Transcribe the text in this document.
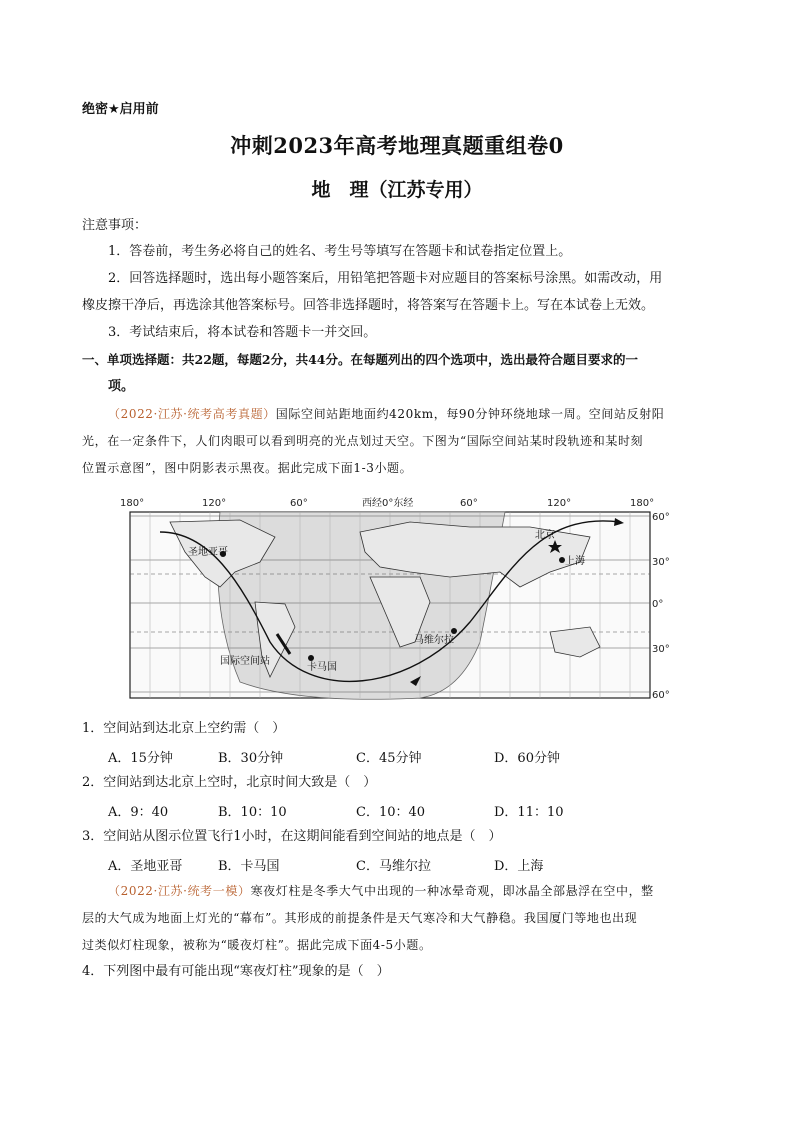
绝密★启用前
冲刺2023年高考地理真题重组卷0
地　理（江苏专用）
注意事项：
1．答卷前，考生务必将自己的姓名、考生号等填写在答题卡和试卷指定位置上。
2．回答选择题时，选出每小题答案后，用铅笔把答题卡对应题目的答案标号涂黑。如需改动，用
橡皮擦干净后，再选涂其他答案标号。回答非选择题时，将答案写在答题卡上。写在本试卷上无效。
3．考试结束后，将本试卷和答题卡一并交回。
一、单项选择题：共22题，每题2分，共44分。在每题列出的四个选项中，选出最符合题目要求的一
项。
（2022·江苏·统考高考真题）国际空间站距地面约420km，每90分钟环绕地球一周。空间站反射阳
光，在一定条件下，人们肉眼可以看到明亮的光点划过天空。下图为“国际空间站某时段轨迹和某时刻
位置示意图”，图中阴影表示黑夜。据此完成下面1-3小题。
180°	120°	60°	西经0°东经	60°	120°	180°
60°
30°
0°
30°
60°
北京
上海
圣地亚哥
卡马国
马维尔拉
国际空间站
1．空间站到达北京上空约需（　）
A．15分钟	B．30分钟	C．45分钟	D．60分钟
2．空间站到达北京上空时，北京时间大致是（　）
A．9：40	B．10：10	C．10：40	D．11：10
3．空间站从图示位置飞行1小时，在这期间能看到空间站的地点是（　）
A．圣地亚哥	B．卡马国	C．马维尔拉	D．上海
（2022·江苏·统考一模）寒夜灯柱是冬季大气中出现的一种冰晕奇观，即冰晶全部悬浮在空中，整
层的大气成为地面上灯光的“幕布”。其形成的前提条件是天气寒冷和大气静稳。我国厦门等地也出现
过类似灯柱现象，被称为“暖夜灯柱”。据此完成下面4-5小题。
4．下列图中最有可能出现“寒夜灯柱”现象的是（　）
